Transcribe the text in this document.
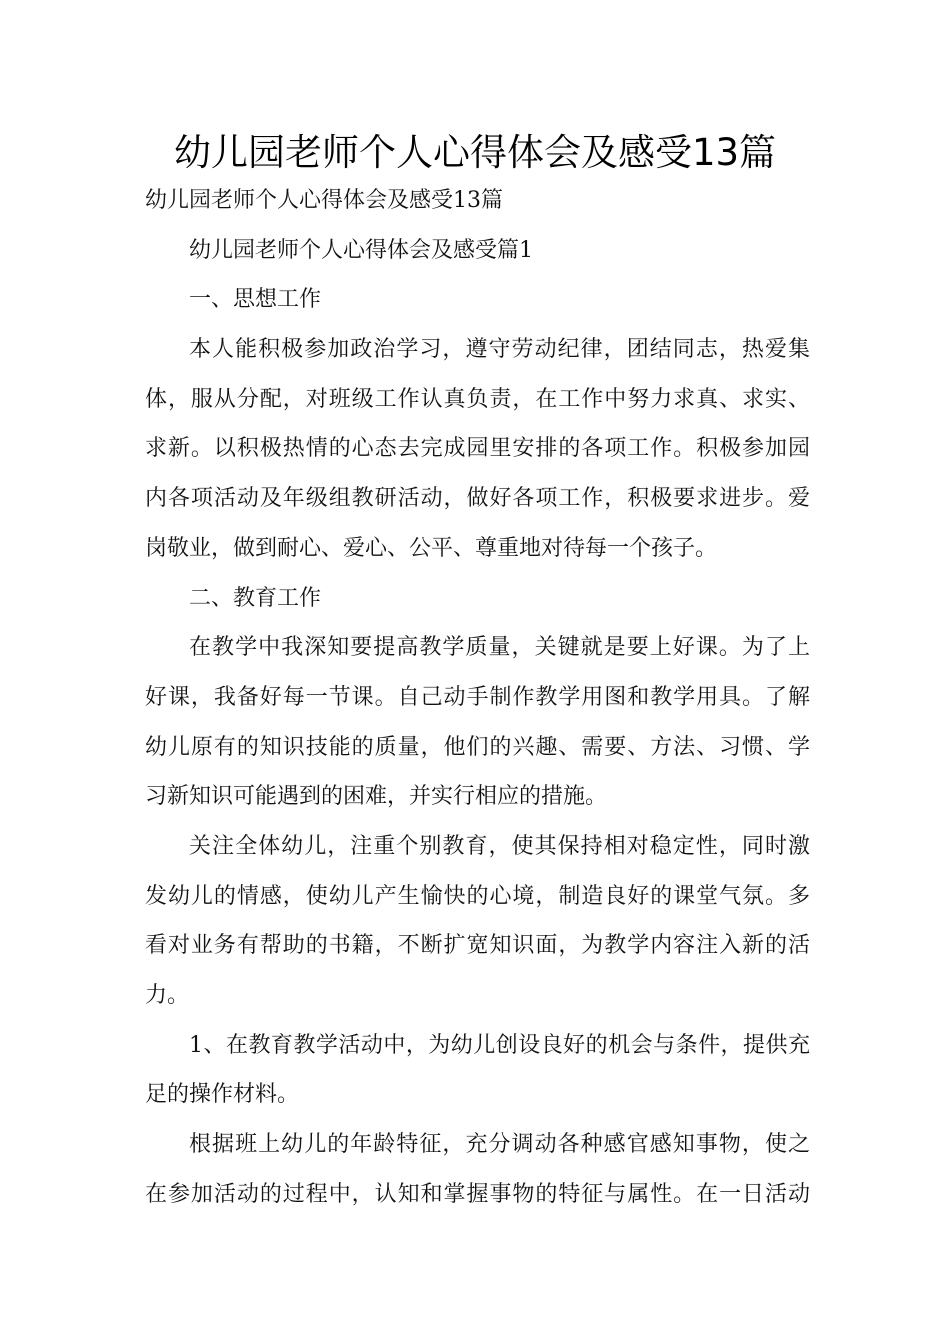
幼儿园老师个人心得体会及感受13篇
幼儿园老师个人心得体会及感受13篇
幼儿园老师个人心得体会及感受篇1
一、思想工作
本人能积极参加政治学习，遵守劳动纪律，团结同志，热爱集
体，服从分配，对班级工作认真负责，在工作中努力求真、求实、
求新。以积极热情的心态去完成园里安排的各项工作。积极参加园
内各项活动及年级组教研活动，做好各项工作，积极要求进步。爱
岗敬业，做到耐心、爱心、公平、尊重地对待每一个孩子。
二、教育工作
在教学中我深知要提高教学质量，关键就是要上好课。为了上
好课，我备好每一节课。自己动手制作教学用图和教学用具。了解
幼儿原有的知识技能的质量，他们的兴趣、需要、方法、习惯、学
习新知识可能遇到的困难，并实行相应的措施。
关注全体幼儿，注重个别教育，使其保持相对稳定性，同时激
发幼儿的情感，使幼儿产生愉快的心境，制造良好的课堂气氛。多
看对业务有帮助的书籍，不断扩宽知识面，为教学内容注入新的活
力。
1、在教育教学活动中，为幼儿创设良好的机会与条件，提供充
足的操作材料。
根据班上幼儿的年龄特征，充分调动各种感官感知事物，使之
在参加活动的过程中，认知和掌握事物的特征与属性。在一日活动
